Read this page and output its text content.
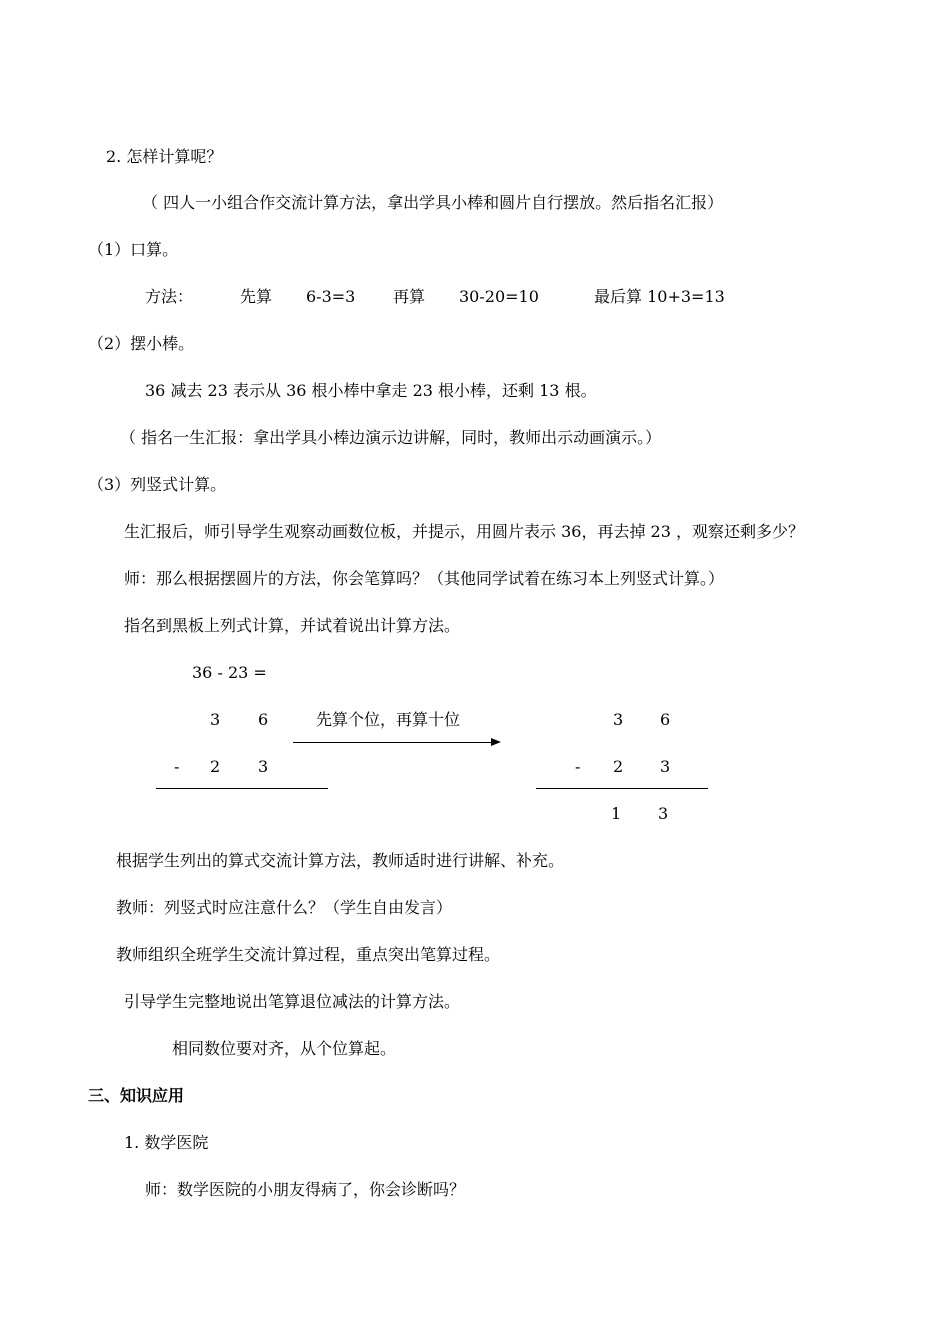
2. 怎样计算呢？
（ 四人一小组合作交流计算方法，拿出学具小棒和圆片自行摆放。然后指名汇报）
（1）口算。
方法：	先算 6-3=3 再算 30-20=10	最后算 10+3=13
（2）摆小棒。
36 减去 23 表示从 36 根小棒中拿走 23 根小棒，还剩 13 根。
（ 指名一生汇报：拿出学具小棒边演示边讲解，同时，教师出示动画演示。）
（3）列竖式计算。
生汇报后，师引导学生观察动画数位板，并提示，用圆片表示 36，再去掉 23 ，观察还剩多少？
师：那么根据摆圆片的方法，你会笔算吗？（其他同学试着在练习本上列竖式计算。）
指名到黑板上列式计算，并试着说出计算方法。
36 - 23 =
3 6
- 2 3
先算个位，再算十位	3 6
- 2 3
1 3
根据学生列出的算式交流计算方法，教师适时进行讲解、补充。
教师：列竖式时应注意什么？（学生自由发言）
教师组织全班学生交流计算过程，重点突出笔算过程。
引导学生完整地说出笔算退位减法的计算方法。
相同数位要对齐，从个位算起。
三、知识应用
1. 数学医院
师：数学医院的小朋友得病了，你会诊断吗？
